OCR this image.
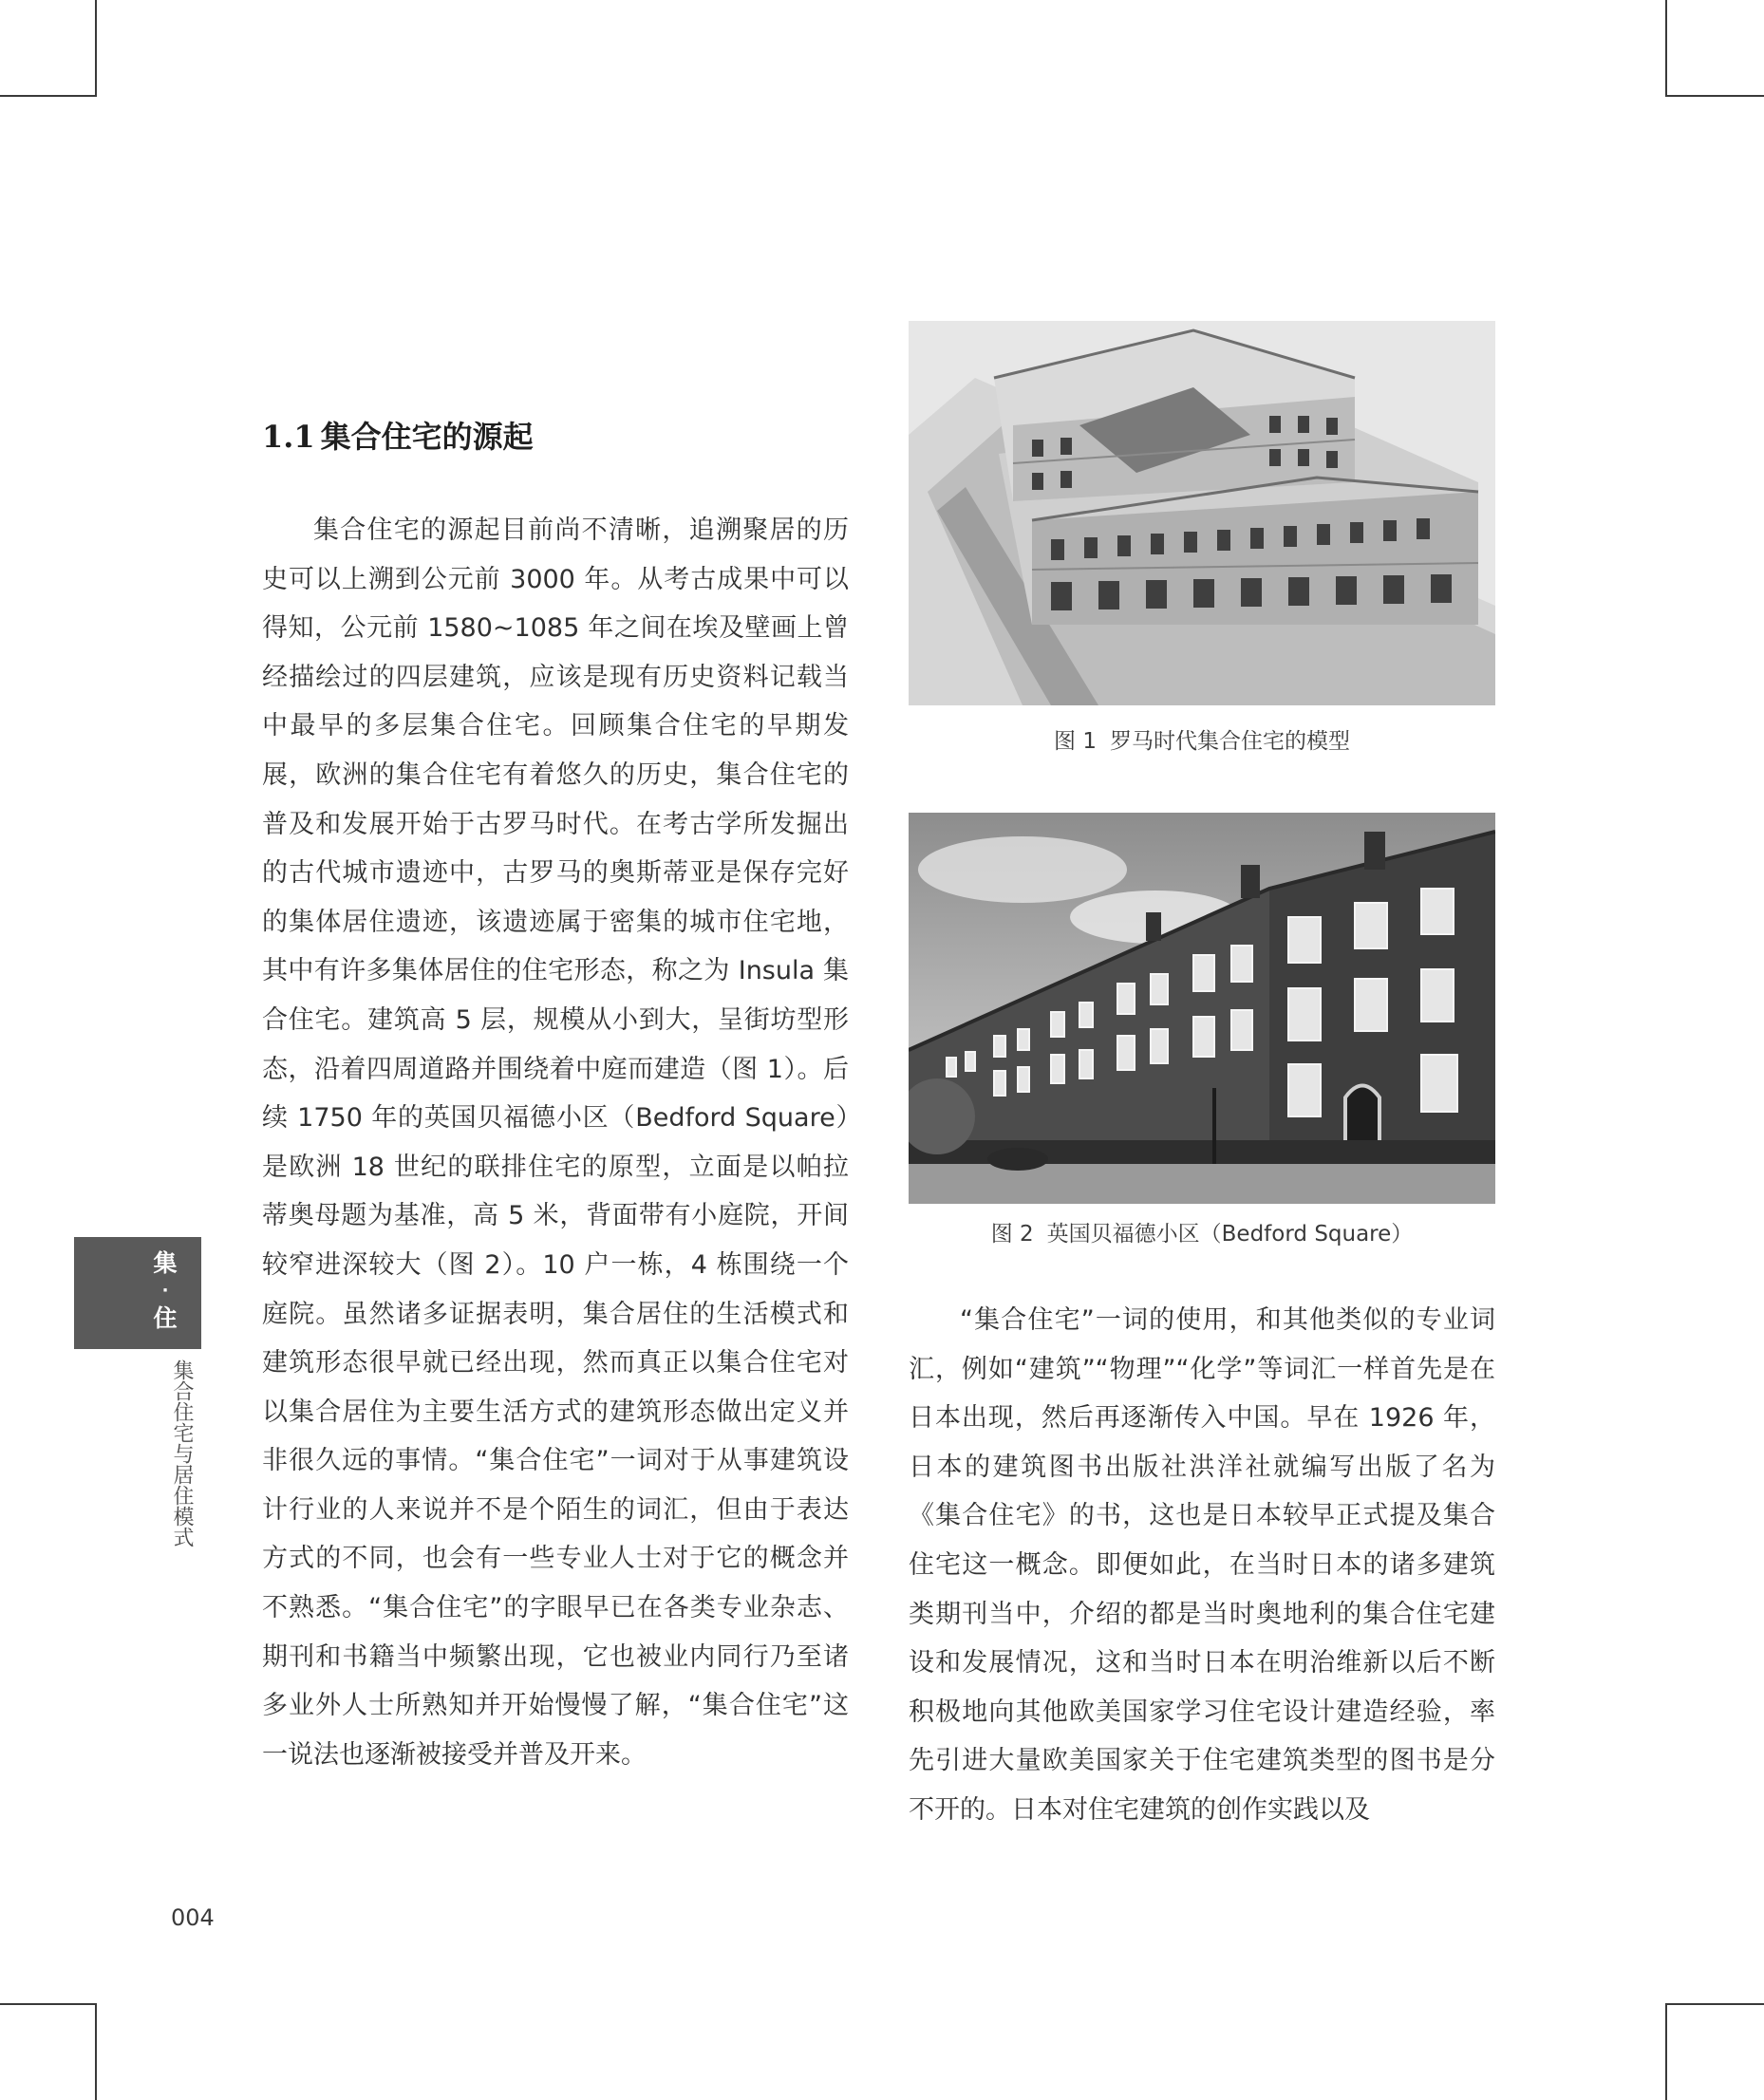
1.1 集合住宅的源起

集合住宅的源起目前尚不清晰，追溯聚居的历史可以上溯到公元前 3000 年。从考古成果中可以得知，公元前 1580~1085 年之间在埃及壁画上曾经描绘过的四层建筑，应该是现有历史资料记载当中最早的多层集合住宅。回顾集合住宅的早期发展，欧洲的集合住宅有着悠久的历史，集合住宅的普及和发展开始于古罗马时代。在考古学所发掘出的古代城市遗迹中，古罗马的奥斯蒂亚是保存完好的集体居住遗迹，该遗迹属于密集的城市住宅地，其中有许多集体居住的住宅形态，称之为 Insula 集合住宅。建筑高 5 层，规模从小到大，呈街坊型形态，沿着四周道路并围绕着中庭而建造（图 1）。后续 1750 年的英国贝福德小区（Bedford Square）是欧洲 18 世纪的联排住宅的原型，立面是以帕拉蒂奥母题为基准，高 5 米，背面带有小庭院，开间较窄进深较大（图 2）。10 户一栋，4 栋围绕一个庭院。虽然诸多证据表明，集合居住的生活模式和建筑形态很早就已经出现，然而真正以集合住宅对以集合居住为主要生活方式的建筑形态做出定义并非很久远的事情。“集合住宅”一词对于从事建筑设计行业的人来说并不是个陌生的词汇，但由于表达方式的不同，也会有一些专业人士对于它的概念并不熟悉。“集合住宅”的字眼早已在各类专业杂志、期刊和书籍当中频繁出现，它也被业内同行乃至诸多业外人士所熟知并开始慢慢了解，“集合住宅”这一说法也逐渐被接受并普及开来。

图 1 罗马时代集合住宅的模型
图 2 英国贝福德小区（Bedford Square）

“集合住宅”一词的使用，和其他类似的专业词汇，例如“建筑”“物理”“化学”等词汇一样首先是在日本出现，然后再逐渐传入中国。早在 1926 年，日本的建筑图书出版社洪洋社就编写出版了名为《集合住宅》的书，这也是日本较早正式提及集合住宅这一概念。即便如此，在当时日本的诸多建筑类期刊当中，介绍的都是当时奥地利的集合住宅建设和发展情况，这和当时日本在明治维新以后不断积极地向其他欧美国家学习住宅设计建造经验，率先引进大量欧美国家关于住宅建筑类型的图书是分不开的。日本对住宅建筑的创作实践以及

集
·
住
集合住宅与居住模式
004
